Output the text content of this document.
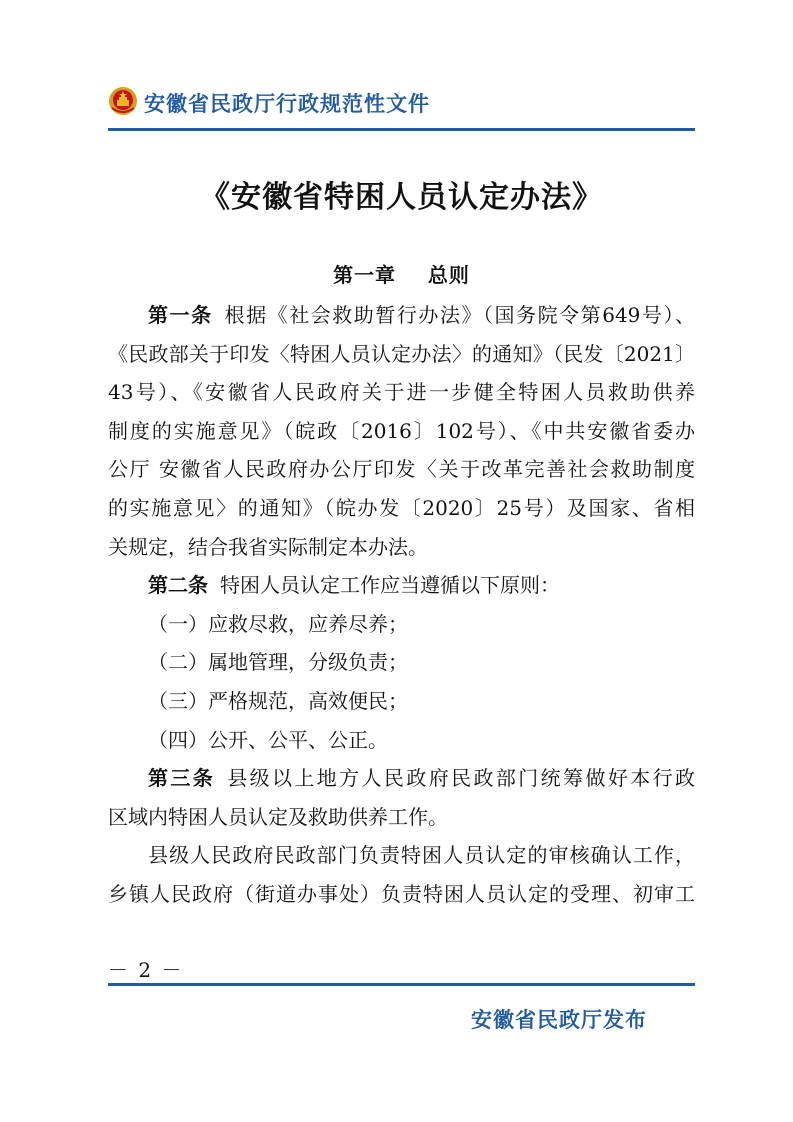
安徽省民政厅行政规范性文件
《安徽省特困人员认定办法》
第一章    总则
第一条 根据《社会救助暂行办法》（国务院令第649号）、
《民政部关于印发〈特困人员认定办法〉的通知》（民发〔2021〕
43号）、《安徽省人民政府关于进一步健全特困人员救助供养
制度的实施意见》（皖政〔2016〕102号）、《中共安徽省委办
公厅 安徽省人民政府办公厅印发〈关于改革完善社会救助制度
的实施意见〉的通知》（皖办发〔2020〕25号）及国家、省相
关规定，结合我省实际制定本办法。
第二条 特困人员认定工作应当遵循以下原则：
（一）应救尽救，应养尽养；
（二）属地管理，分级负责；
（三）严格规范，高效便民；
（四）公开、公平、公正。
第三条 县级以上地方人民政府民政部门统筹做好本行政
区域内特困人员认定及救助供养工作。
县级人民政府民政部门负责特困人员认定的审核确认工作，
乡镇人民政府（街道办事处）负责特困人员认定的受理、初审工
－ 2 －
安徽省民政厅发布
